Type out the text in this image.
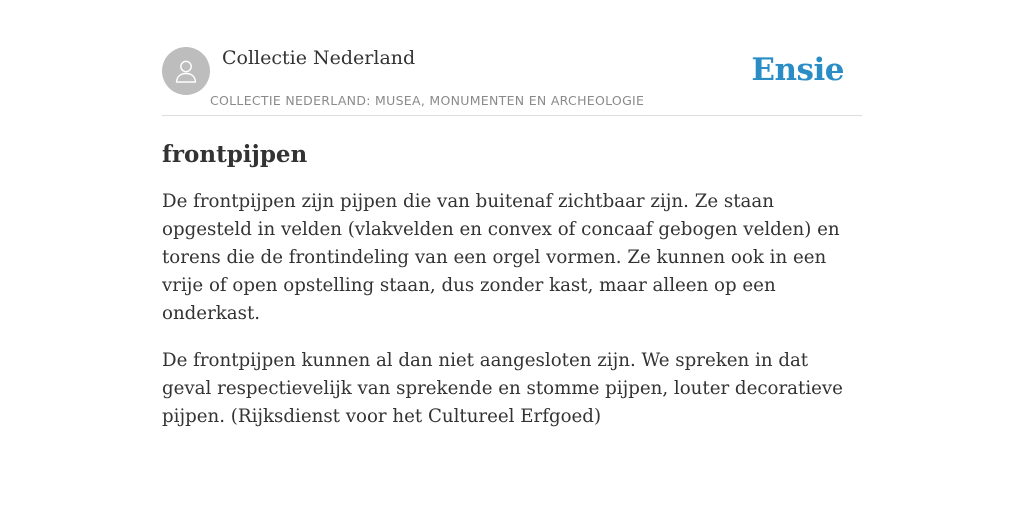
Collectie Nederland
COLLECTIE NEDERLAND: MUSEA, MONUMENTEN EN ARCHEOLOGIE
Ensie
frontpijpen

De frontpijpen zijn pijpen die van buitenaf zichtbaar zijn. Ze staan opgesteld in velden (vlakvelden en convex of concaaf gebogen velden) en torens die de frontindeling van een orgel vormen. Ze kunnen ook in een vrije of open opstelling staan, dus zonder kast, maar alleen op een onderkast.

De frontpijpen kunnen al dan niet aangesloten zijn. We spreken in dat geval respectievelijk van sprekende en stomme pijpen, louter decoratieve pijpen. (Rijksdienst voor het Cultureel Erfgoed)
